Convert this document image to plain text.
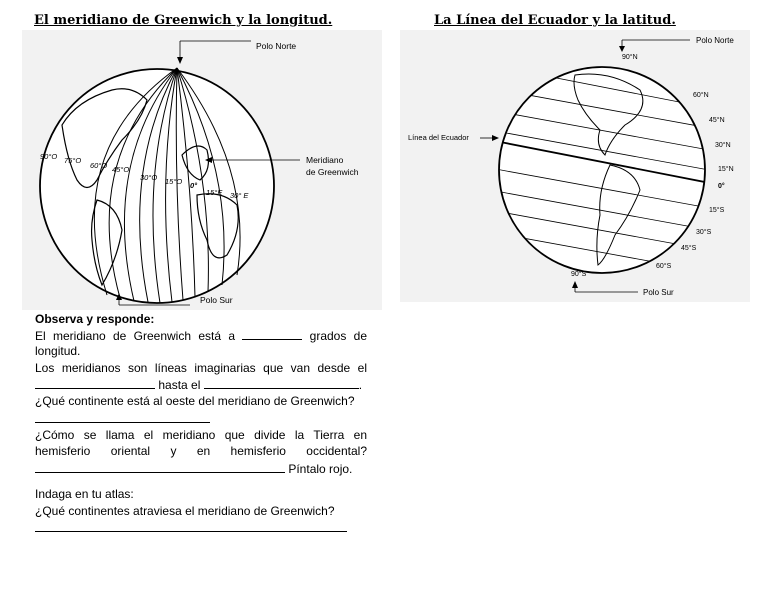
El meridiano de Greenwich y la longitud.	La Línea del Ecuador y la latitud.
90°O 75°O
60°O 45°O
30°O 15°O 0°
15°E 30° E
Polo Norte
Meridiano
de Greenwich
Polo Sur
90°N
60°N
45°N
30°N
15°N
0°
15°S
30°S
45°S
60°S
90°S
Polo Norte
Línea del Ecuador
Polo Sur
Observa y responde:
El meridiano de Greenwich está a	grados de
longitud.
Los meridianos son líneas imaginarias que van desde el
hasta el	.
¿Qué continente está al oeste del meridiano de Greenwich?
¿Cómo se llama el meridiano que divide la Tierra en
hemisferio oriental y en hemisferio occidental?
Píntalo rojo.
Indaga en tu atlas:
¿Qué continentes atraviesa el meridiano de Greenwich?
